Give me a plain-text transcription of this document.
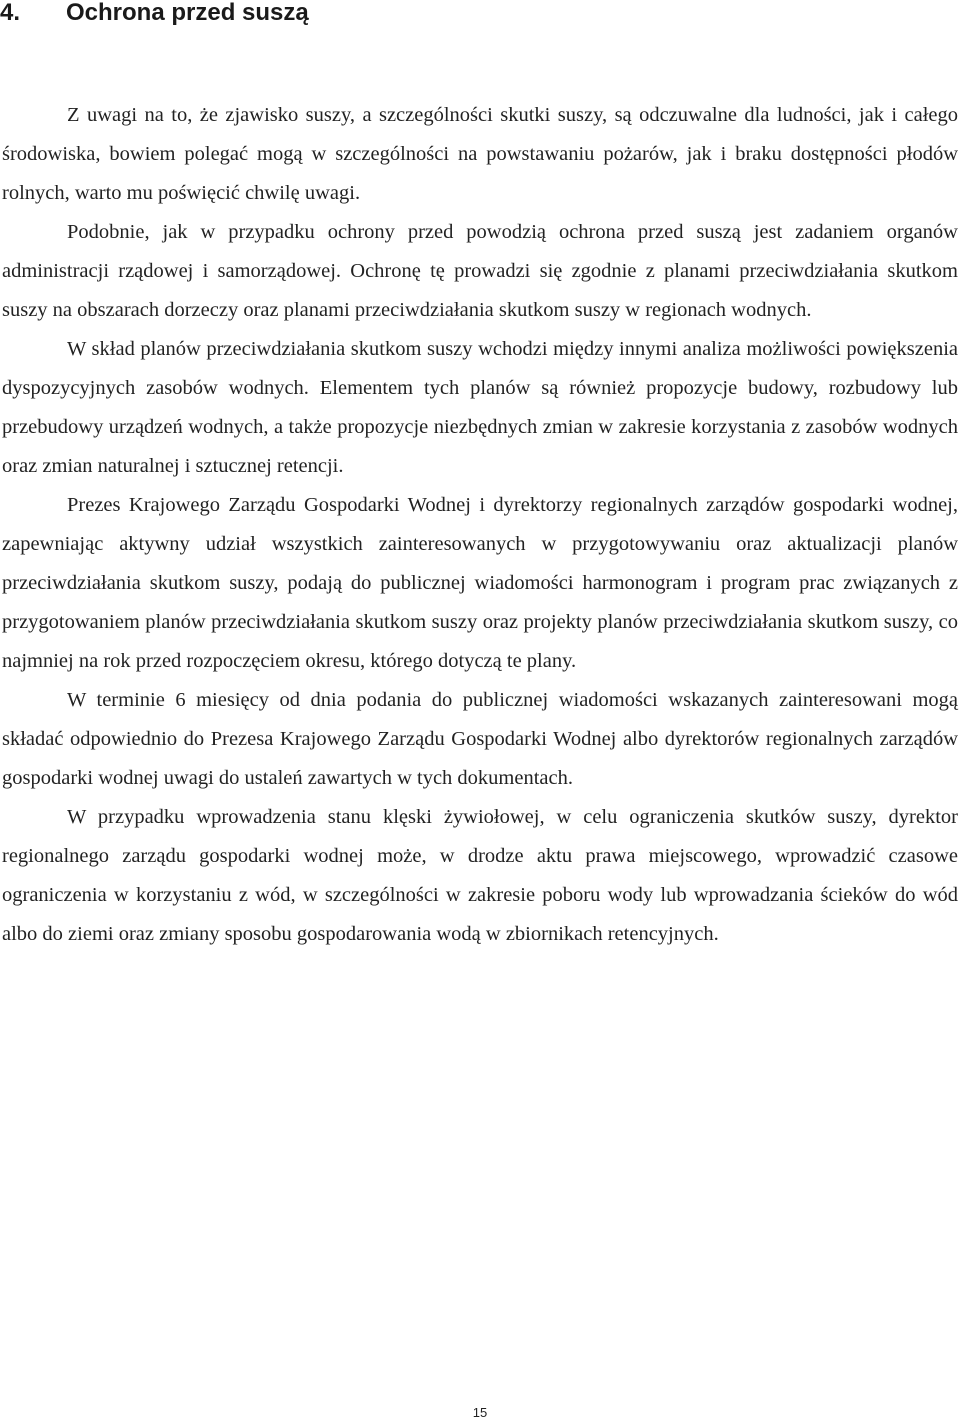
4. Ochrona przed suszą

Z uwagi na to, że zjawisko suszy, a szczególności skutki suszy, są odczuwalne dla ludności, jak i całego środowiska, bowiem polegać mogą w szczególności na powstawaniu pożarów, jak i braku dostępności płodów rolnych, warto mu poświęcić chwilę uwagi.

Podobnie, jak w przypadku ochrony przed powodzią ochrona przed suszą jest zadaniem organów administracji rządowej i samorządowej. Ochronę tę prowadzi się zgodnie z planami przeciwdziałania skutkom suszy na obszarach dorzeczy oraz planami przeciwdziałania skutkom suszy w regionach wodnych.

W skład planów przeciwdziałania skutkom suszy wchodzi między innymi analiza możliwości powiększenia dyspozycyjnych zasobów wodnych. Elementem tych planów są również propozycje budowy, rozbudowy lub przebudowy urządzeń wodnych, a także propozycje niezbędnych zmian w zakresie korzystania z zasobów wodnych oraz zmian naturalnej i sztucznej retencji.

Prezes Krajowego Zarządu Gospodarki Wodnej i dyrektorzy regionalnych zarządów gospodarki wodnej, zapewniając aktywny udział wszystkich zainteresowanych w przygotowywaniu oraz aktualizacji planów przeciwdziałania skutkom suszy, podają do publicznej wiadomości harmonogram i program prac związanych z przygotowaniem planów przeciwdziałania skutkom suszy oraz projekty planów przeciwdziałania skutkom suszy, co najmniej na rok przed rozpoczęciem okresu, którego dotyczą te plany.

W terminie 6 miesięcy od dnia podania do publicznej wiadomości wskazanych zainteresowani mogą składać odpowiednio do Prezesa Krajowego Zarządu Gospodarki Wodnej albo dyrektorów regionalnych zarządów gospodarki wodnej uwagi do ustaleń zawartych w tych dokumentach.

W przypadku wprowadzenia stanu klęski żywiołowej, w celu ograniczenia skutków suszy, dyrektor regionalnego zarządu gospodarki wodnej może, w drodze aktu prawa miejscowego, wprowadzić czasowe ograniczenia w korzystaniu z wód, w szczególności w zakresie poboru wody lub wprowadzania ścieków do wód albo do ziemi oraz zmiany sposobu gospodarowania wodą w zbiornikach retencyjnych.

15
